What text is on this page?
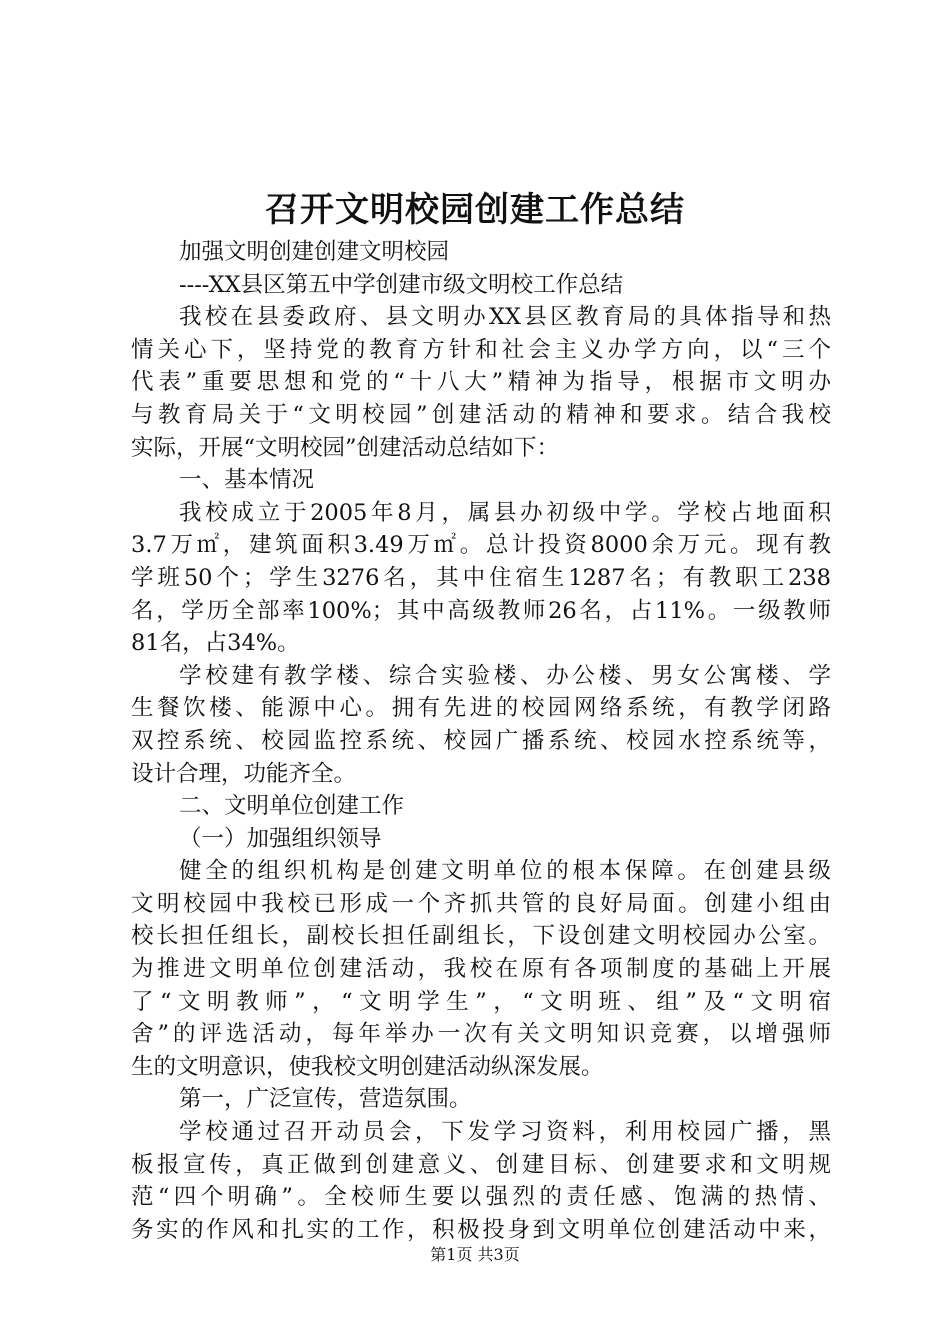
召开文明校园创建工作总结
加强文明创建创建文明校园
----XX县区第五中学创建市级文明校工作总结
我校在县委政府、县文明办XX县区教育局的具体指导和热
情关心下，坚持党的教育方针和社会主义办学方向，以“三个
代表”重要思想和党的“十八大”精神为指导，根据市文明办
与教育局关于“文明校园”创建活动的精神和要求。结合我校
实际，开展“文明校园”创建活动总结如下：
一、基本情况
我校成立于2005年8月，属县办初级中学。学校占地面积
3.7万㎡，建筑面积3.49万㎡。总计投资8000余万元。现有教
学班50个；学生3276名，其中住宿生1287名；有教职工238
名，学历全部率100%；其中高级教师26名，占11%。一级教师
81名，占34%。
学校建有教学楼、综合实验楼、办公楼、男女公寓楼、学
生餐饮楼、能源中心。拥有先进的校园网络系统，有教学闭路
双控系统、校园监控系统、校园广播系统、校园水控系统等，
设计合理，功能齐全。
二、文明单位创建工作
（一）加强组织领导
健全的组织机构是创建文明单位的根本保障。在创建县级
文明校园中我校已形成一个齐抓共管的良好局面。创建小组由
校长担任组长，副校长担任副组长，下设创建文明校园办公室。
为推进文明单位创建活动，我校在原有各项制度的基础上开展
了“文明教师”，“文明学生”，“文明班、组”及“文明宿
舍”的评选活动，每年举办一次有关文明知识竞赛，以增强师
生的文明意识，使我校文明创建活动纵深发展。
第一，广泛宣传，营造氛围。
学校通过召开动员会，下发学习资料，利用校园广播，黑
板报宣传，真正做到创建意义、创建目标、创建要求和文明规
范“四个明确”。全校师生要以强烈的责任感、饱满的热情、
务实的作风和扎实的工作，积极投身到文明单位创建活动中来，
第1页 共3页
